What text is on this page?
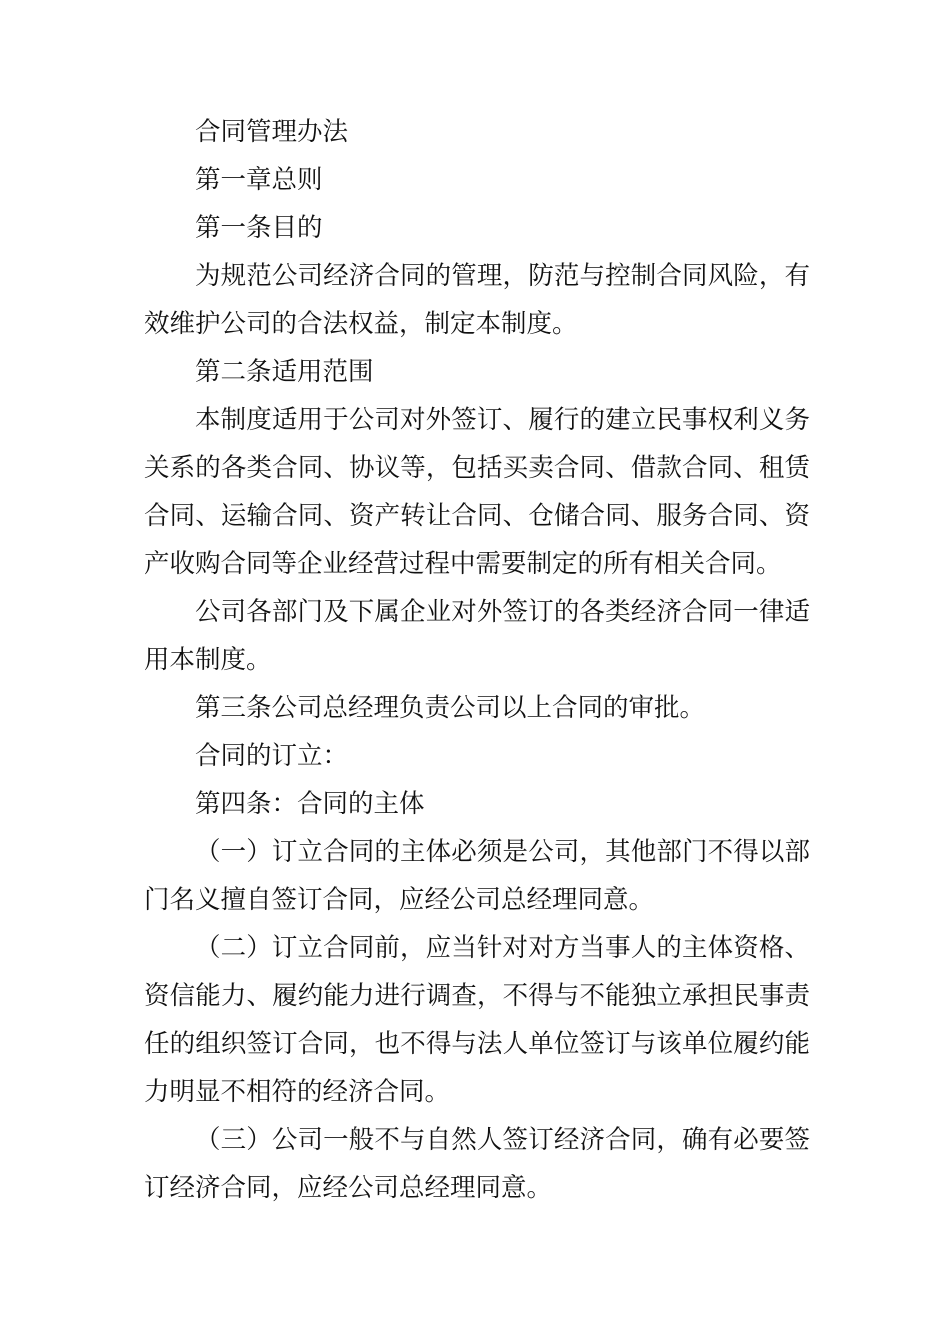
合同管理办法

第一章总则

第一条目的

为规范公司经济合同的管理，防范与控制合同风险，有效维护公司的合法权益，制定本制度。

第二条适用范围

本制度适用于公司对外签订、履行的建立民事权利义务关系的各类合同、协议等，包括买卖合同、借款合同、租赁合同、运输合同、资产转让合同、仓储合同、服务合同、资产收购合同等企业经营过程中需要制定的所有相关合同。

公司各部门及下属企业对外签订的各类经济合同一律适用本制度。

第三条公司总经理负责公司以上合同的审批。

合同的订立：

第四条：合同的主体

（一）订立合同的主体必须是公司，其他部门不得以部门名义擅自签订合同，应经公司总经理同意。

（二）订立合同前，应当针对对方当事人的主体资格、资信能力、履约能力进行调查，不得与不能独立承担民事责任的组织签订合同，也不得与法人单位签订与该单位履约能力明显不相符的经济合同。

（三）公司一般不与自然人签订经济合同，确有必要签订经济合同，应经公司总经理同意。
